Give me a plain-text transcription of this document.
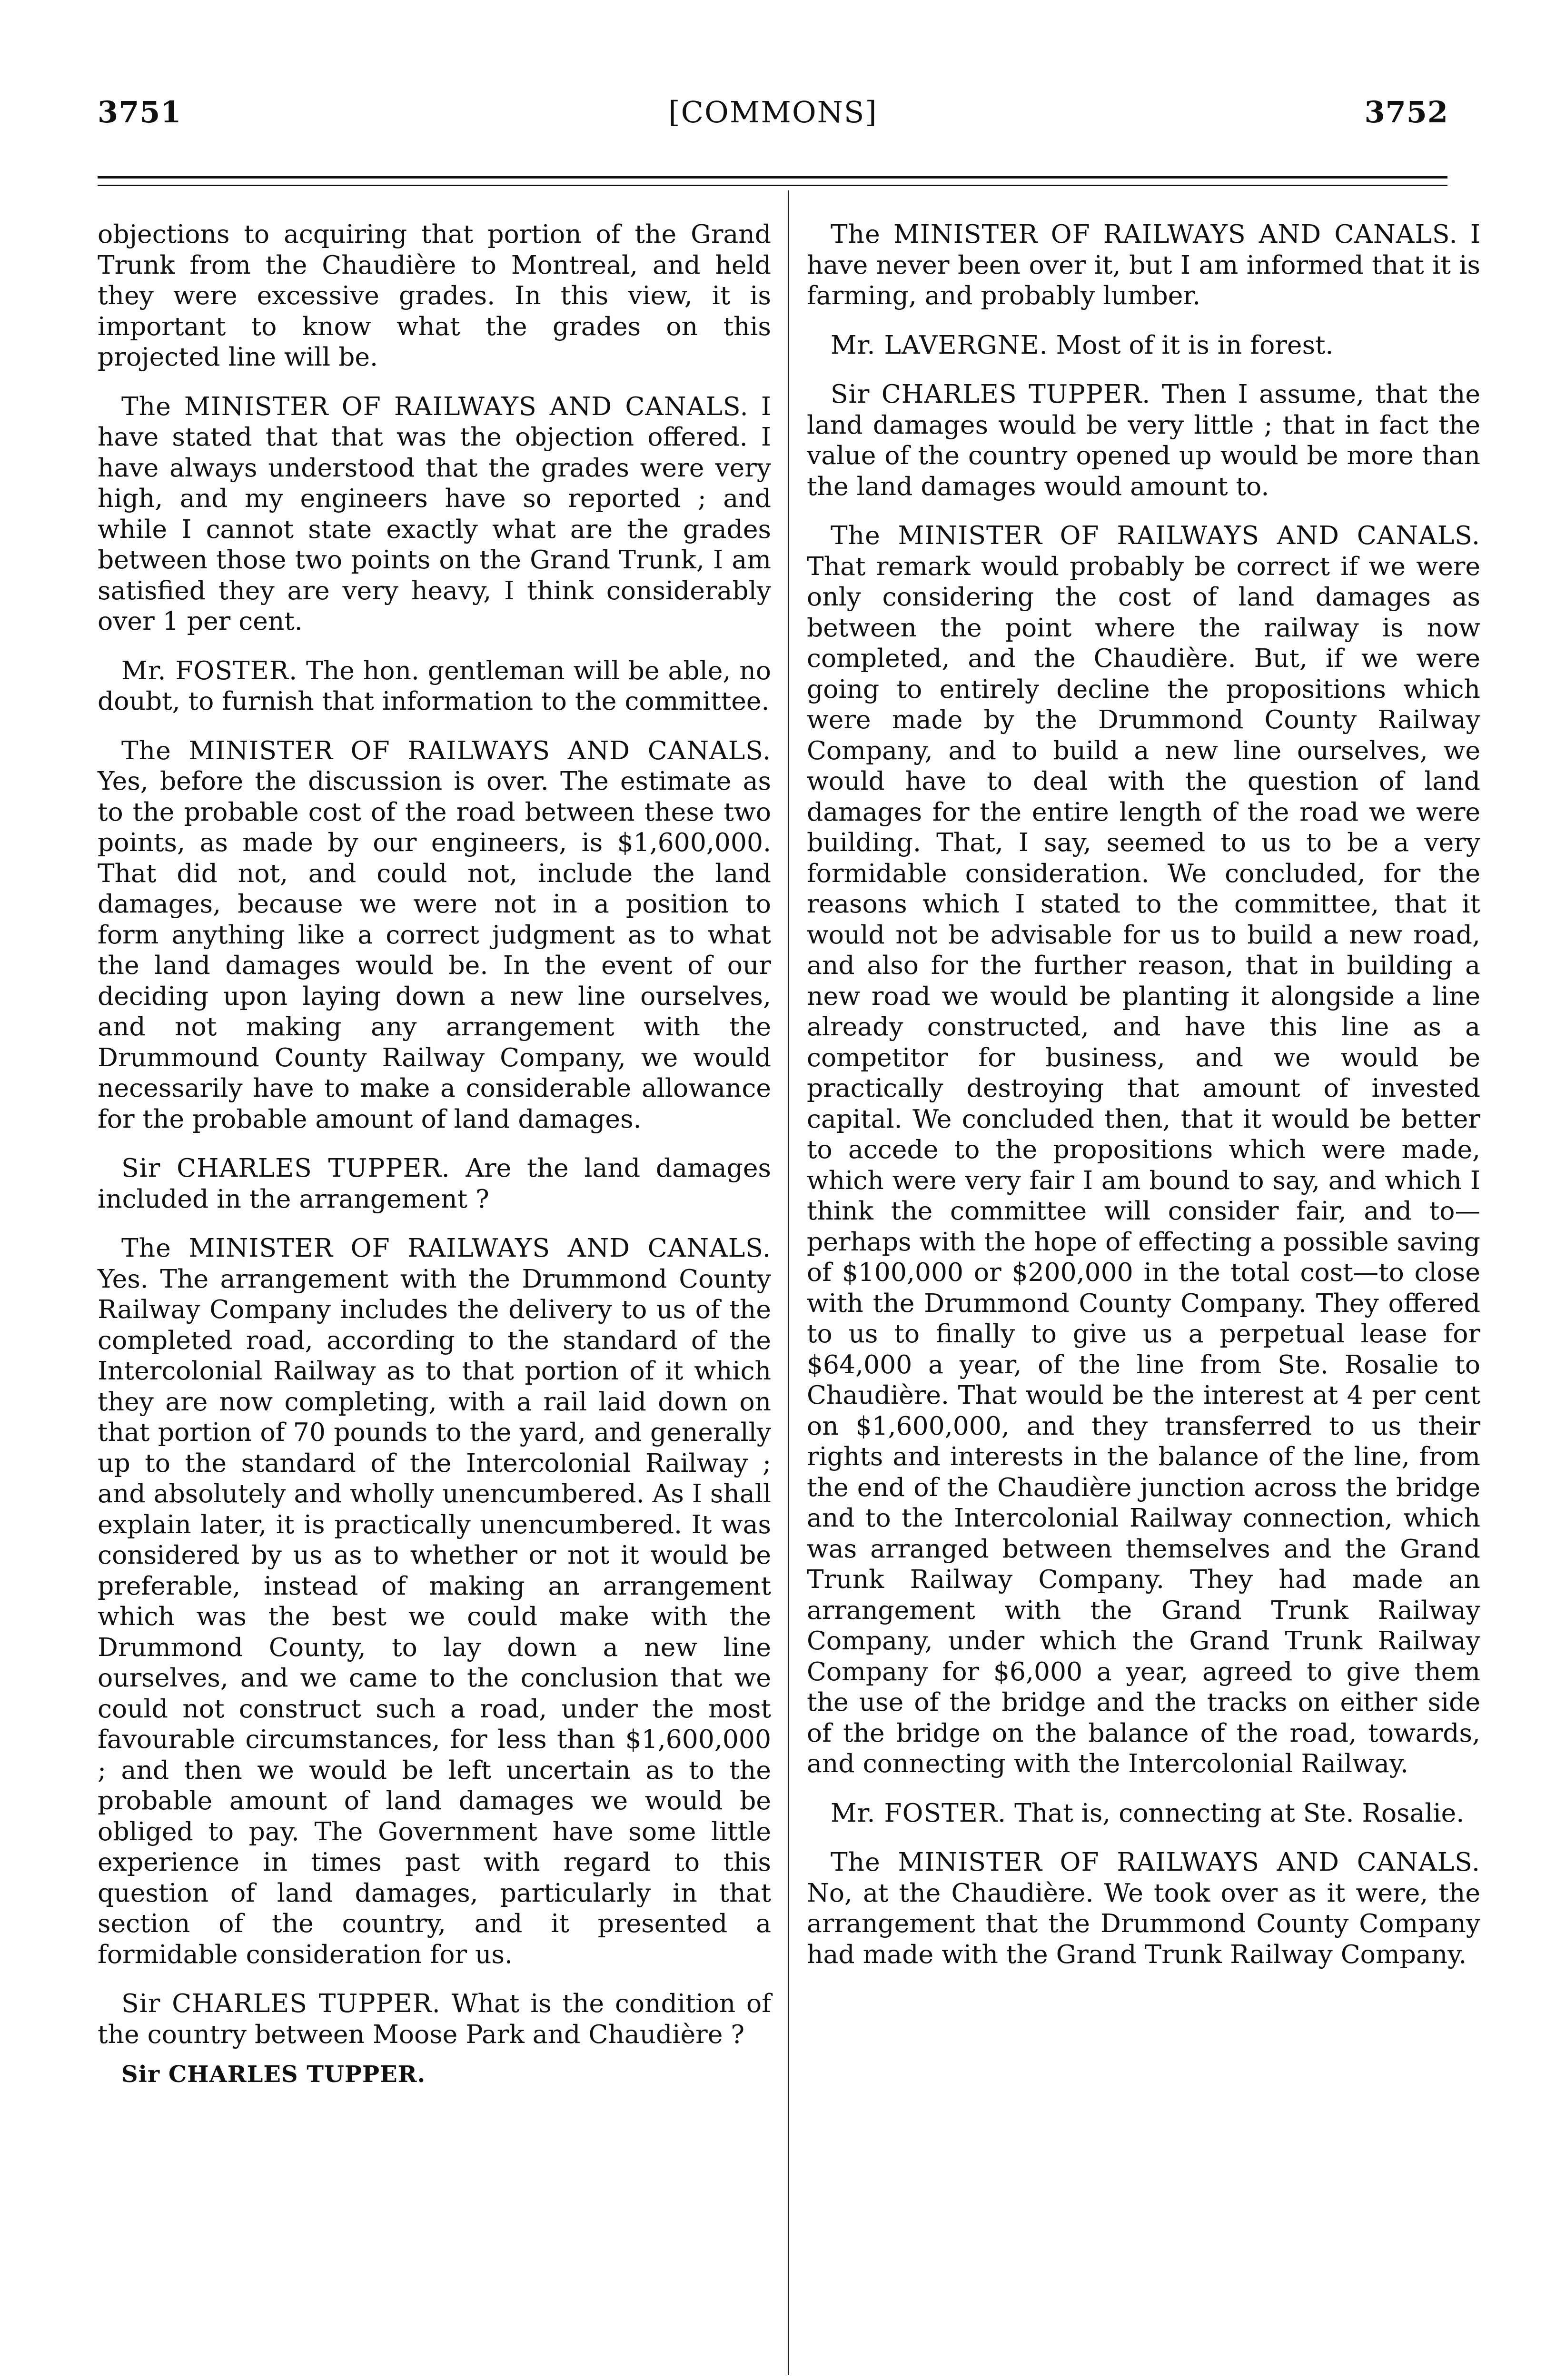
[COMMONS]
3751	3752

objections to acquiring that portion of the Grand Trunk from the Chaudière to Montreal, and held they were excessive grades. In this view, it is important to know what the grades on this projected line will be.

The MINISTER OF RAILWAYS AND CANALS. I have stated that that was the objection offered. I have always understood that the grades were very high, and my engineers have so reported ; and while I cannot state exactly what are the grades between those two points on the Grand Trunk, I am satisfied they are very heavy, I think considerably over 1 per cent.

Mr. FOSTER. The hon. gentleman will be able, no doubt, to furnish that information to the committee.

The MINISTER OF RAILWAYS AND CANALS. Yes, before the discussion is over. The estimate as to the probable cost of the road between these two points, as made by our engineers, is $1,600,000. That did not, and could not, include the land damages, because we were not in a position to form anything like a correct judgment as to what the land damages would be. In the event of our deciding upon laying down a new line ourselves, and not making any arrangement with the Drummound County Railway Company, we would necessarily have to make a considerable allowance for the probable amount of land damages.

Sir CHARLES TUPPER. Are the land damages included in the arrangement ?

The MINISTER OF RAILWAYS AND CANALS. Yes. The arrangement with the Drummond County Railway Company includes the delivery to us of the completed road, according to the standard of the Intercolonial Railway as to that portion of it which they are now completing, with a rail laid down on that portion of 70 pounds to the yard, and generally up to the standard of the Intercolonial Railway ; and absolutely and wholly unencumbered. As I shall explain later, it is practically unencumbered. It was considered by us as to whether or not it would be preferable, instead of making an arrangement which was the best we could make with the Drummond County, to lay down a new line ourselves, and we came to the conclusion that we could not construct such a road, under the most favourable circumstances, for less than $1,600,000 ; and then we would be left uncertain as to the probable amount of land damages we would be obliged to pay. The Government have some little experience in times past with regard to this question of land damages, particularly in that section of the country, and it presented a formidable consideration for us.

Sir CHARLES TUPPER. What is the condition of the country between Moose Park and Chaudière ?

Sir CHARLES TUPPER.

The MINISTER OF RAILWAYS AND CANALS. I have never been over it, but I am informed that it is farming, and probably lumber.

Mr. LAVERGNE. Most of it is in forest.

Sir CHARLES TUPPER. Then I assume, that the land damages would be very little ; that in fact the value of the country opened up would be more than the land damages would amount to.

The MINISTER OF RAILWAYS AND CANALS. That remark would probably be correct if we were only considering the cost of land damages as between the point where the railway is now completed, and the Chaudière. But, if we were going to entirely decline the propositions which were made by the Drummond County Railway Company, and to build a new line ourselves, we would have to deal with the question of land damages for the entire length of the road we were building. That, I say, seemed to us to be a very formidable consideration. We concluded, for the reasons which I stated to the committee, that it would not be advisable for us to build a new road, and also for the further reason, that in building a new road we would be planting it alongside a line already constructed, and have this line as a competitor for business, and we would be practically destroying that amount of invested capital. We concluded then, that it would be better to accede to the propositions which were made, which were very fair I am bound to say, and which I think the committee will consider fair, and to—perhaps with the hope of effecting a possible saving of $100,000 or $200,000 in the total cost—to close with the Drummond County Company. They offered to us to finally to give us a perpetual lease for $64,000 a year, of the line from Ste. Rosalie to Chaudière. That would be the interest at 4 per cent on $1,600,000, and they transferred to us their rights and interests in the balance of the line, from the end of the Chaudière junction across the bridge and to the Intercolonial Railway connection, which was arranged between themselves and the Grand Trunk Railway Company. They had made an arrangement with the Grand Trunk Railway Company, under which the Grand Trunk Railway Company for $6,000 a year, agreed to give them the use of the bridge and the tracks on either side of the bridge on the balance of the road, towards, and connecting with the Intercolonial Railway.

Mr. FOSTER. That is, connecting at Ste. Rosalie.

The MINISTER OF RAILWAYS AND CANALS. No, at the Chaudière. We took over as it were, the arrangement that the Drummond County Company had made with the Grand Trunk Railway Company.
